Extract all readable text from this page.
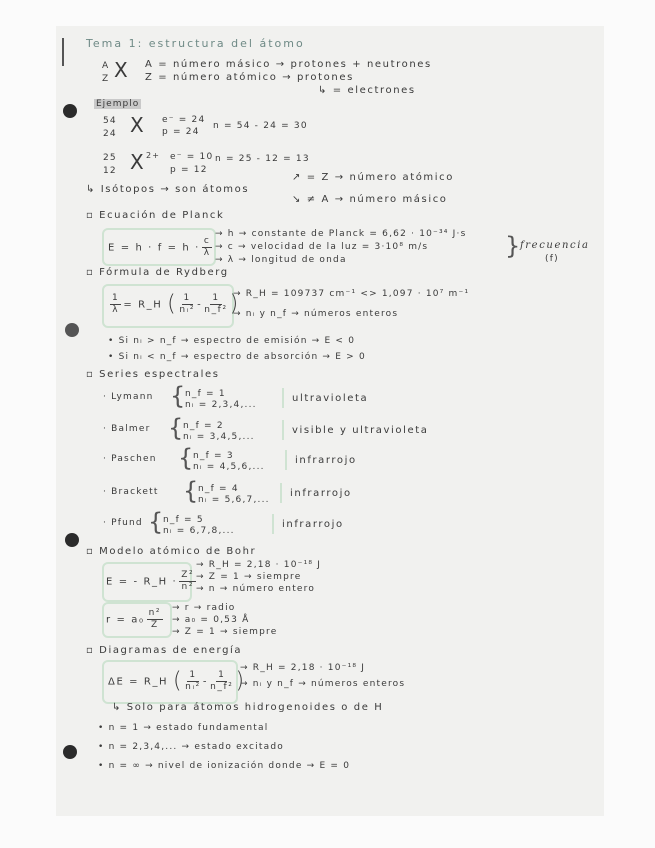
Tema 1: estructura del átomo
A
Z X A = número másico → protones + neutrones
Z = número atómico → protones
↳ = electrones
Ejemplo
54
24 X e⁻ = 24
p = 24
n = 54 - 24 = 30
25
12 X 2+ e⁻ = 10
p = 12
n = 25 - 12 = 13
↳ Isótopos → son átomos
↗ = Z → número atómico
↘ ≠ A → número másico
▫ Ecuación de Planck
$E = h \cdot f = h \cdot \frac{c}{\lambda}$
→ h → constante de Planck = 6,62 · 10⁻³⁴ J·s
→ c → velocidad de la luz = 3·10⁸ m/s
→ λ → longitud de onda	} frecuencia
(f)
▫ Fórmula de Rydberg
$\frac{1}{\lambda}$ = R_H ( $\frac{1}{\text{nᵢ²}} - \frac{1}{\text{n\_f²}}$ )
→ R_H = 109737 cm⁻¹ <> 1,097 · 10⁷ m⁻¹
→ nᵢ y n_f → números enteros
• Si nᵢ > n_f → espectro de emisión → E < 0
• Si nᵢ < n_f → espectro de absorción → E > 0
▫ Series espectrales
· Lymann { n_f = 1
nᵢ = 2,3,4,...
ultravioleta
· Balmer { n_f = 2
nᵢ = 3,4,5,...
visible y ultravioleta
· Paschen { n_f = 3
nᵢ = 4,5,6,...
infrarrojo
· Brackett { n_f = 4
nᵢ = 5,6,7,...
infrarrojo
· Pfund { n_f = 5
nᵢ = 6,7,8,...
infrarrojo
▫ Modelo atómico de Bohr
E = - R_H · $\frac{\text{Z²}}{\text{n²}}$
→ R_H = 2,18 · 10⁻¹⁸ J
→ Z = 1 → siempre
→ n → número entero
$r = a_0 \frac{\text{n²}}{Z} \to r$ → radio
→ a₀ = 0,53 Å
→ Z = 1 → siempre
▫ Diagramas de energía
ΔE = R_H ( $\frac{1}{\text{nᵢ²}} - \frac{1}{\text{n\_f²}}$ )
→ R_H = 2,18 · 10⁻¹⁸ J
→ nᵢ y n_f → números enteros
↳ Solo para átomos hidrogenoides o de H
• n = 1 → estado fundamental
• n = 2,3,4,... → estado excitado
• n = ∞ → nivel de ionización donde → E = 0
